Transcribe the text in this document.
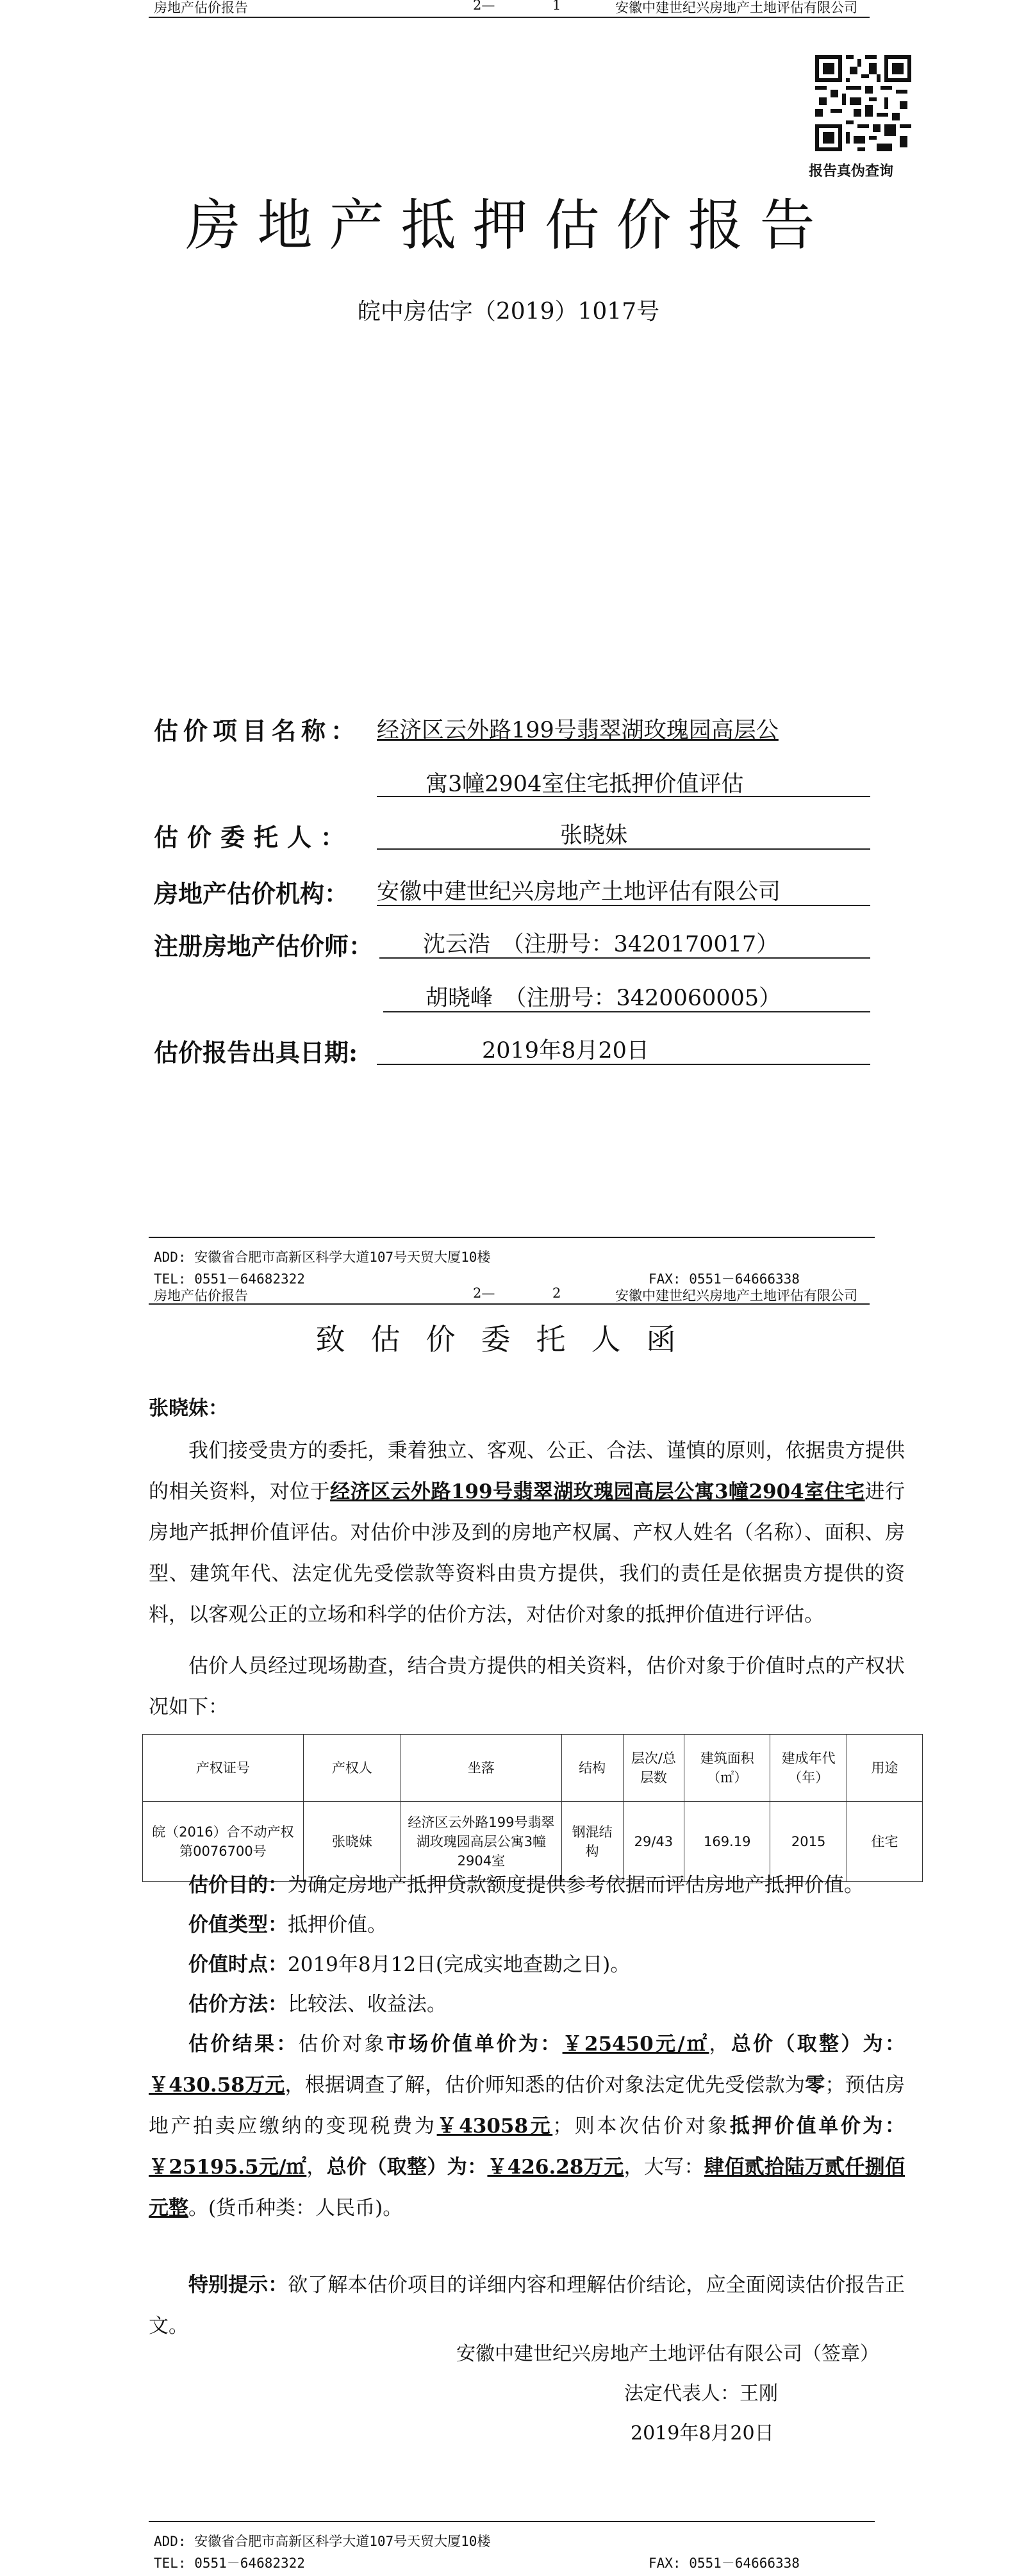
房地产估价报告	2—	1	安徽中建世纪兴房地产土地评估有限公司
报告真伪查询
房地产抵押估价报告
皖中房估字（2019）1017号
估价项目名称： 经济区云外路199号翡翠湖玫瑰园高层公
寓3幢2904室住宅抵押价值评估
估价委托人：	张晓妹
房地产估价机构： 安徽中建世纪兴房地产土地评估有限公司
注册房地产估价师： 沈云浩　（注册号：3420170017）
胡晓峰　（注册号：3420060005）
估价报告出具日期:	2019年8月20日
ADD: 安徽省合肥市高新区科学大道107号天贸大厦10楼
TEL: 0551－64682322	FAX: 0551－64666338
房地产估价报告	2—	2	安徽中建世纪兴房地产土地评估有限公司
致估价委托人函
张晓妹：
我们接受贵方的委托，秉着独立、客观、公正、合法、谨慎的原则，依据贵方提供的相关资料，对位于经济区云外路199号翡翠湖玫瑰园高层公寓3幢2904室住宅进行房地产抵押价值评估。对估价中涉及到的房地产权属、产权人姓名（名称）、面积、房型、建筑年代、法定优先受偿款等资料由贵方提供，我们的责任是依据贵方提供的资料，以客观公正的立场和科学的估价方法，对估价对象的抵押价值进行评估。
估价人员经过现场勘查，结合贵方提供的相关资料，估价对象于价值时点的产权状况如下：
产权证号	产权人	坐落	结构	层次/总层数	建筑面积（㎡）	建成年代（年）	用途
皖（2016）合不动产权第0076700号	张晓妹	经济区云外路199号翡翠湖玫瑰园高层公寓3幢2904室	钢混结构	29/43	169.19	2015	住宅
估价目的：为确定房地产抵押贷款额度提供参考依据而评估房地产抵押价值。
价值类型：抵押价值。
价值时点：2019年8月12日(完成实地查勘之日)。
估价方法：比较法、收益法。
估价结果：估价对象市场价值单价为：￥25450元/㎡，总价（取整）为：￥430.58万元，根据调查了解，估价师知悉的估价对象法定优先受偿款为零；预估房地产拍卖应缴纳的变现税费为￥43058元；则本次估价对象抵押价值单价为：￥25195.5元/㎡，总价（取整）为：￥426.28万元，大写：肆佰贰拾陆万贰仟捌佰元整。(货币种类：人民币)。
特别提示：欲了解本估价项目的详细内容和理解估价结论，应全面阅读估价报告正文。
安徽中建世纪兴房地产土地评估有限公司（签章）
法定代表人：王刚
2019年8月20日
ADD: 安徽省合肥市高新区科学大道107号天贸大厦10楼
TEL: 0551－64682322	FAX: 0551－64666338
